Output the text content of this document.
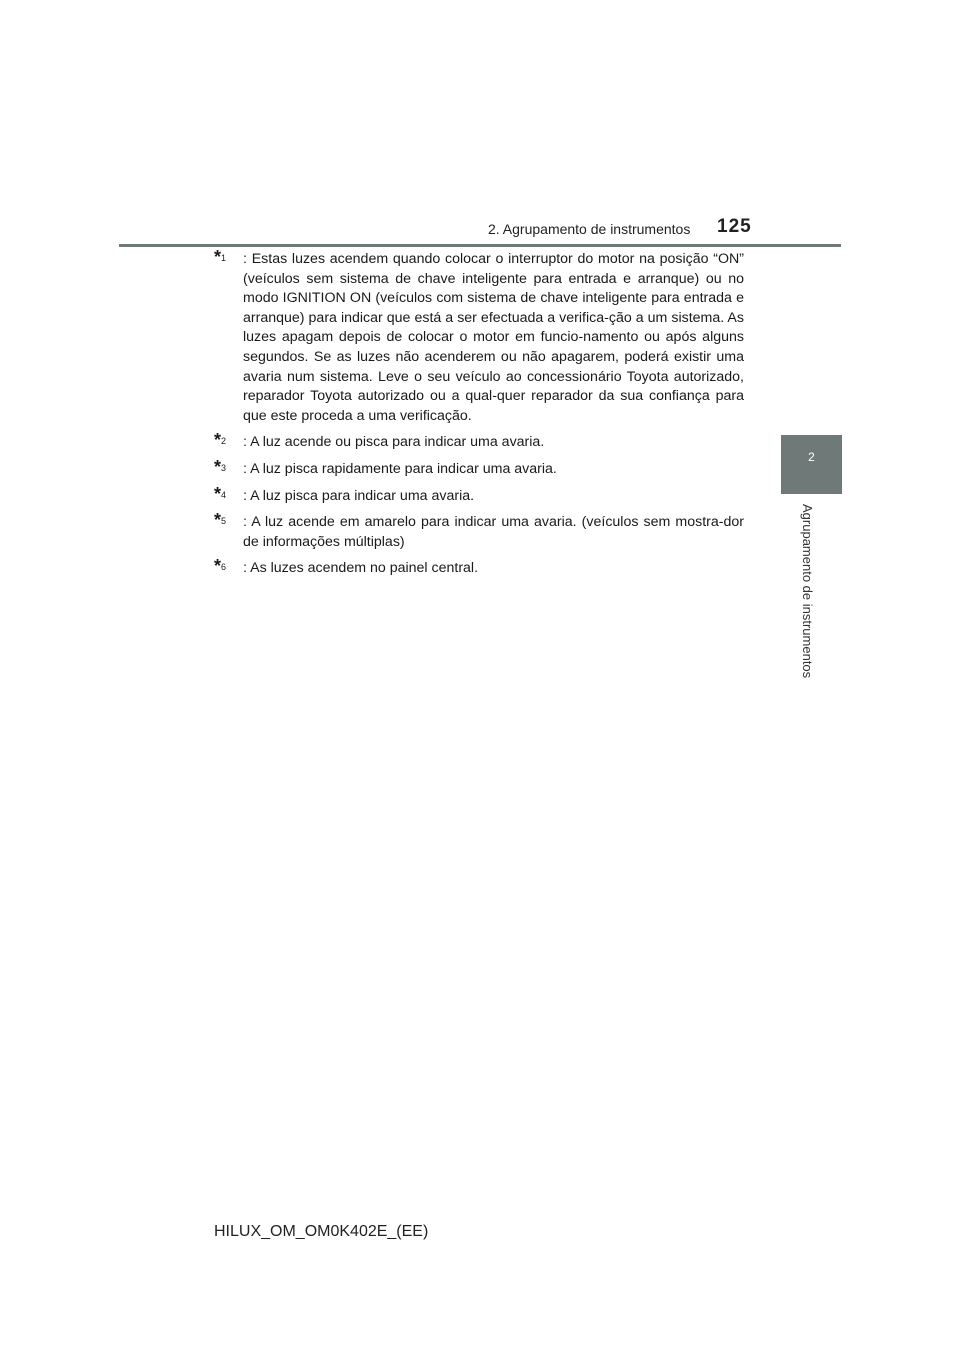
2. Agrupamento de instrumentos 125
2
Agrupamento de instrumentos
*$^1$ : Estas luzes acendem quando colocar o interruptor do motor na posição “ON” (veículos sem sistema de chave inteligente para entrada e arranque) ou no modo IGNITION ON (veículos com sistema de chave inteligente para entrada e arranque) para indicar que está a ser efectuada a verifica-ção a um sistema. As luzes apagam depois de colocar o motor em funcio-namento ou após alguns segundos. Se as luzes não acenderem ou não apagarem, poderá existir uma avaria num sistema. Leve o seu veículo ao concessionário Toyota autorizado, reparador Toyota autorizado ou a qual-quer reparador da sua confiança para que este proceda a uma verificação.
*$^2$ : A luz acende ou pisca para indicar uma avaria.
*$^3$ : A luz pisca rapidamente para indicar uma avaria.
*$^4$ : A luz pisca para indicar uma avaria.
*$^5$ : A luz acende em amarelo para indicar uma avaria. (veículos sem mostra-dor de informações múltiplas)
*$^6$ : As luzes acendem no painel central.
HILUX_OM_OM0K402E_(EE)
